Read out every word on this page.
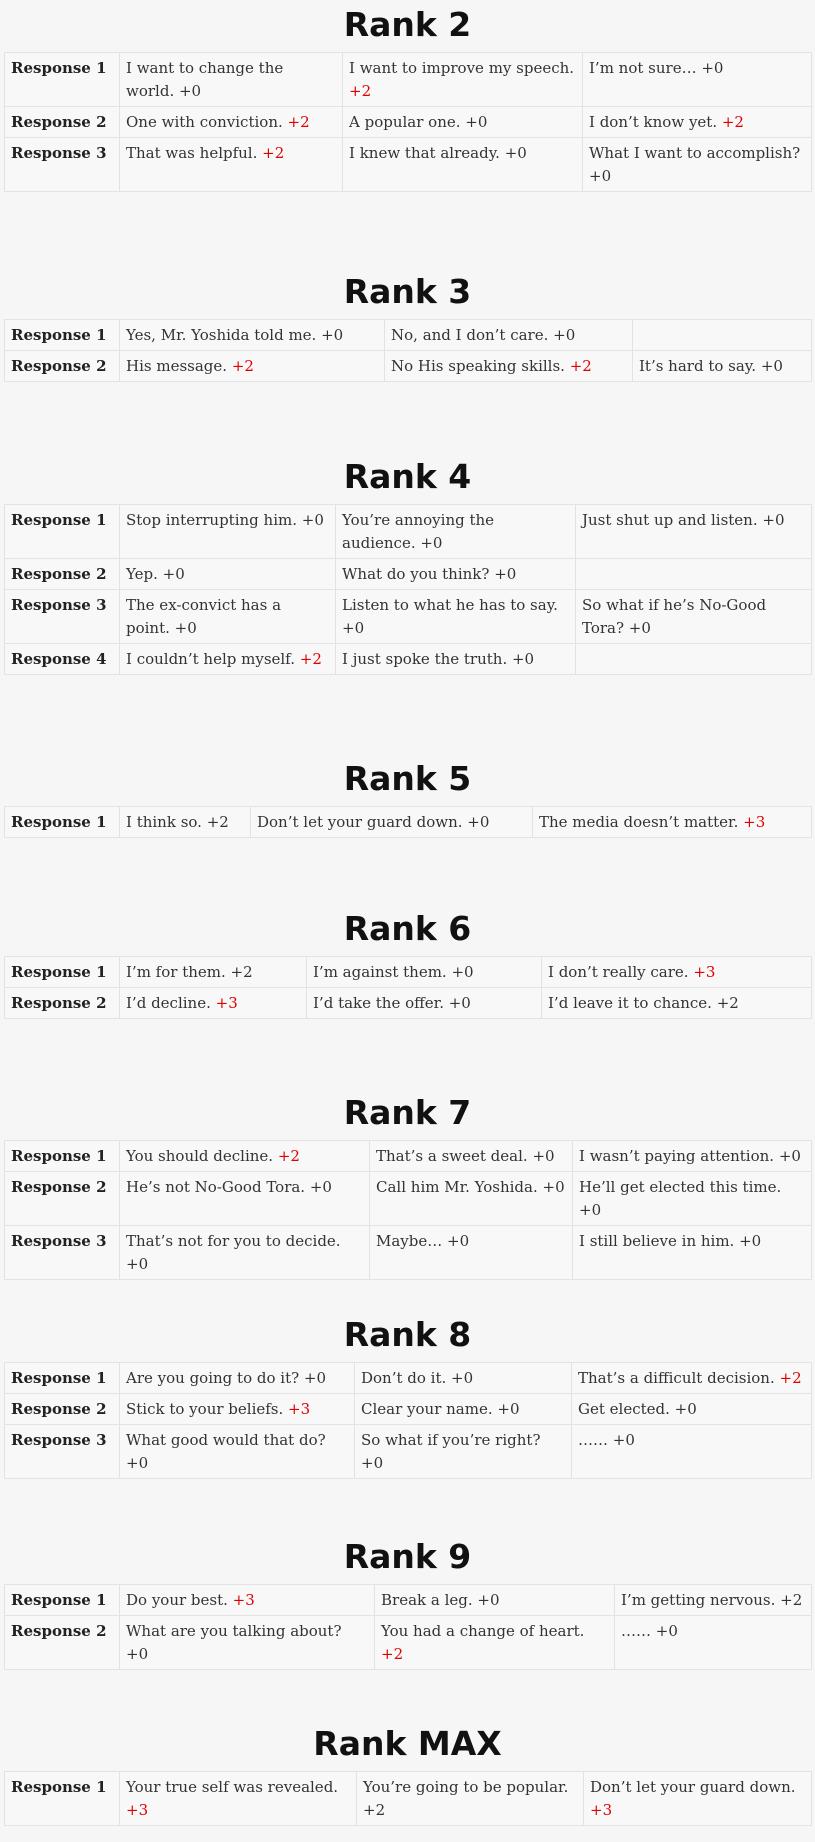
Rank 2
Response 1	I want to change the world. +0	I want to improve my speech. +2	I’m not sure… +0
Response 2	One with conviction. +2	A popular one. +0	I don’t know yet. +2
Response 3	That was helpful. +2	I knew that already. +0	What I want to accomplish? +0
Rank 3
Response 1	Yes, Mr. Yoshida told me. +0	No, and I don’t care. +0	
Response 2	His message. +2	No His speaking skills. +2	It’s hard to say. +0
Rank 4
Response 1	Stop interrupting him. +0	You’re annoying the audience. +0	Just shut up and listen. +0
Response 2	Yep. +0	What do you think? +0	
Response 3	The ex-convict has a point. +0	Listen to what he has to say. +0	So what if he’s No-Good Tora? +0
Response 4	I couldn’t help myself. +2	I just spoke the truth. +0	
Rank 5
Response 1	I think so. +2	Don’t let your guard down. +0	The media doesn’t matter. +3
Rank 6
Response 1	I’m for them. +2	I’m against them. +0	I don’t really care. +3
Response 2	I’d decline. +3	I’d take the offer. +0	I’d leave it to chance. +2
Rank 7
Response 1	You should decline. +2	That’s a sweet deal. +0	I wasn’t paying attention. +0
Response 2	He’s not No-Good Tora. +0	Call him Mr. Yoshida. +0	He’ll get elected this time. +0
Response 3	That’s not for you to decide. +0	Maybe… +0	I still believe in him. +0
Rank 8
Response 1	Are you going to do it? +0	Don’t do it. +0	That’s a difficult decision. +2
Response 2	Stick to your beliefs. +3	Clear your name. +0	Get elected. +0
Response 3	What good would that do? +0	So what if you’re right? +0	…… +0
Rank 9
Response 1	Do your best. +3	Break a leg. +0	I’m getting nervous. +2
Response 2	What are you talking about? +0	You had a change of heart. +2	…… +0
Rank MAX
Response 1	Your true self was revealed. +3	You’re going to be popular. +2	Don’t let your guard down. +3
